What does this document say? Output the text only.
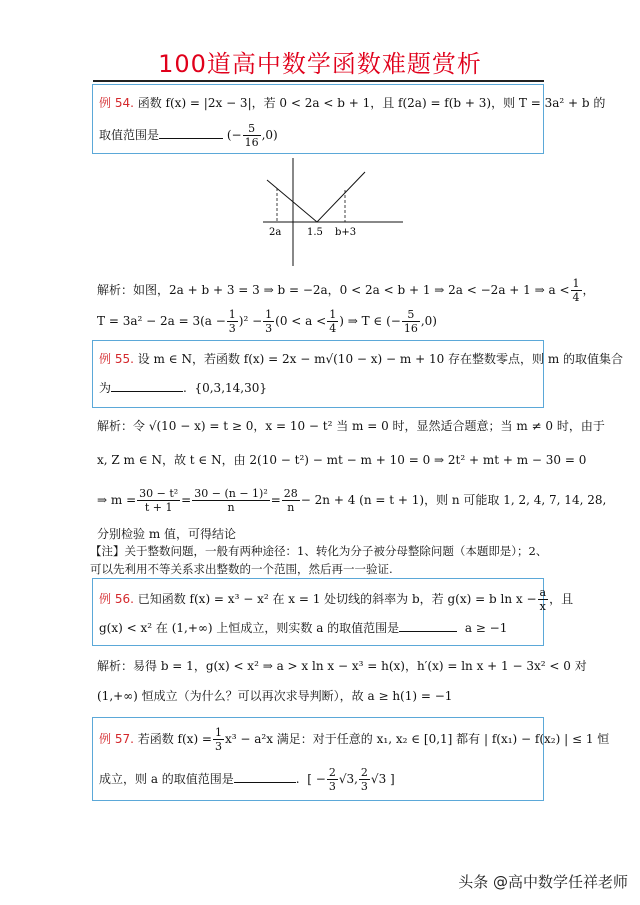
100道高中数学函数难题赏析
例 54. 函数 f(x) = |2x − 3|，若 0 < 2a < b + 1，且 f(2a) = f(b + 3)，则 T = 3a² + b 的
取值范围是	(− $\frac{5}{16} ,0$)
2a	1.5 b+3
解析：如图，2a + b + 3 = 3 ⇒ b = −2a，0 < 2a < b + 1 ⇒ 2a < −2a + 1 ⇒ $a < \frac{1}{4}$ ，
$T = 3a^2 - 2a = 3(a - \frac{1}{3} )^2 - \frac{1}{3} (0 < a < \frac{1}{4}$ ) ⇒ T ∈ (− $\frac{5}{16} ,0$)
例 55. 设 m ∈ N，若函数 f(x) = 2x − m√(10 − x) − m + 10 存在整数零点，则 m 的取值集合
为	.  {0,3,14,30}
解析：令 √(10 − x) = t ≥ 0，x = 10 − t² 当 m = 0 时，显然适合题意；当 m ≠ 0 时，由于
x, Z m ∈ N，故 t ∈ N，由 2(10 − t²) − mt − m + 10 = 0 ⇒ 2t² + mt + m − 30 = 0
⇒ $m = \frac{\text{30 − t²}}{t + 1} = \frac{\text{30 − (n − 1)²}}{n} = \frac{28}{n} - 2n + 4$ (n = t + 1)，则 n 可能取 1, 2, 4, 7, 14, 28,
分别检验 m 值，可得结论
【注】关于整数问题，一般有两种途径：1、转化为分子被分母整除问题（本题即是）；2、
可以先利用不等关系求出整数的一个范围，然后再一一验证.
例 56. 已知函数 f(x) = x³ − x² 在 x = 1 处切线的斜率为 b，若 g(x) = b $\ln x - \frac{a}{x}$ ，且
g(x) < x² 在 (1,+∞) 上恒成立，则实数 a 的取值范围是	a ≥ −1
解析：易得 b = 1，g(x) < x² ⇒ a > x ln x − x³ = h(x)，h′(x) = ln x + 1 − 3x² < 0 对
(1,+∞) 恒成立（为什么？可以再次求导判断），故 a ≥ h(1) = −1
例 57. 若函数 $f(x) = \frac{1}{3} x^3 - a^2x$ 满足：对于任意的 x₁, x₂ ∈ [0,1] 都有 | f(x₁) − f(x₂) | ≤ 1 恒
成立，则 a 的取值范围是	.  [ − $\frac{2}{3} √3$, $\frac{2}{3} √3$ ]
头条 @高中数学任祥老师
